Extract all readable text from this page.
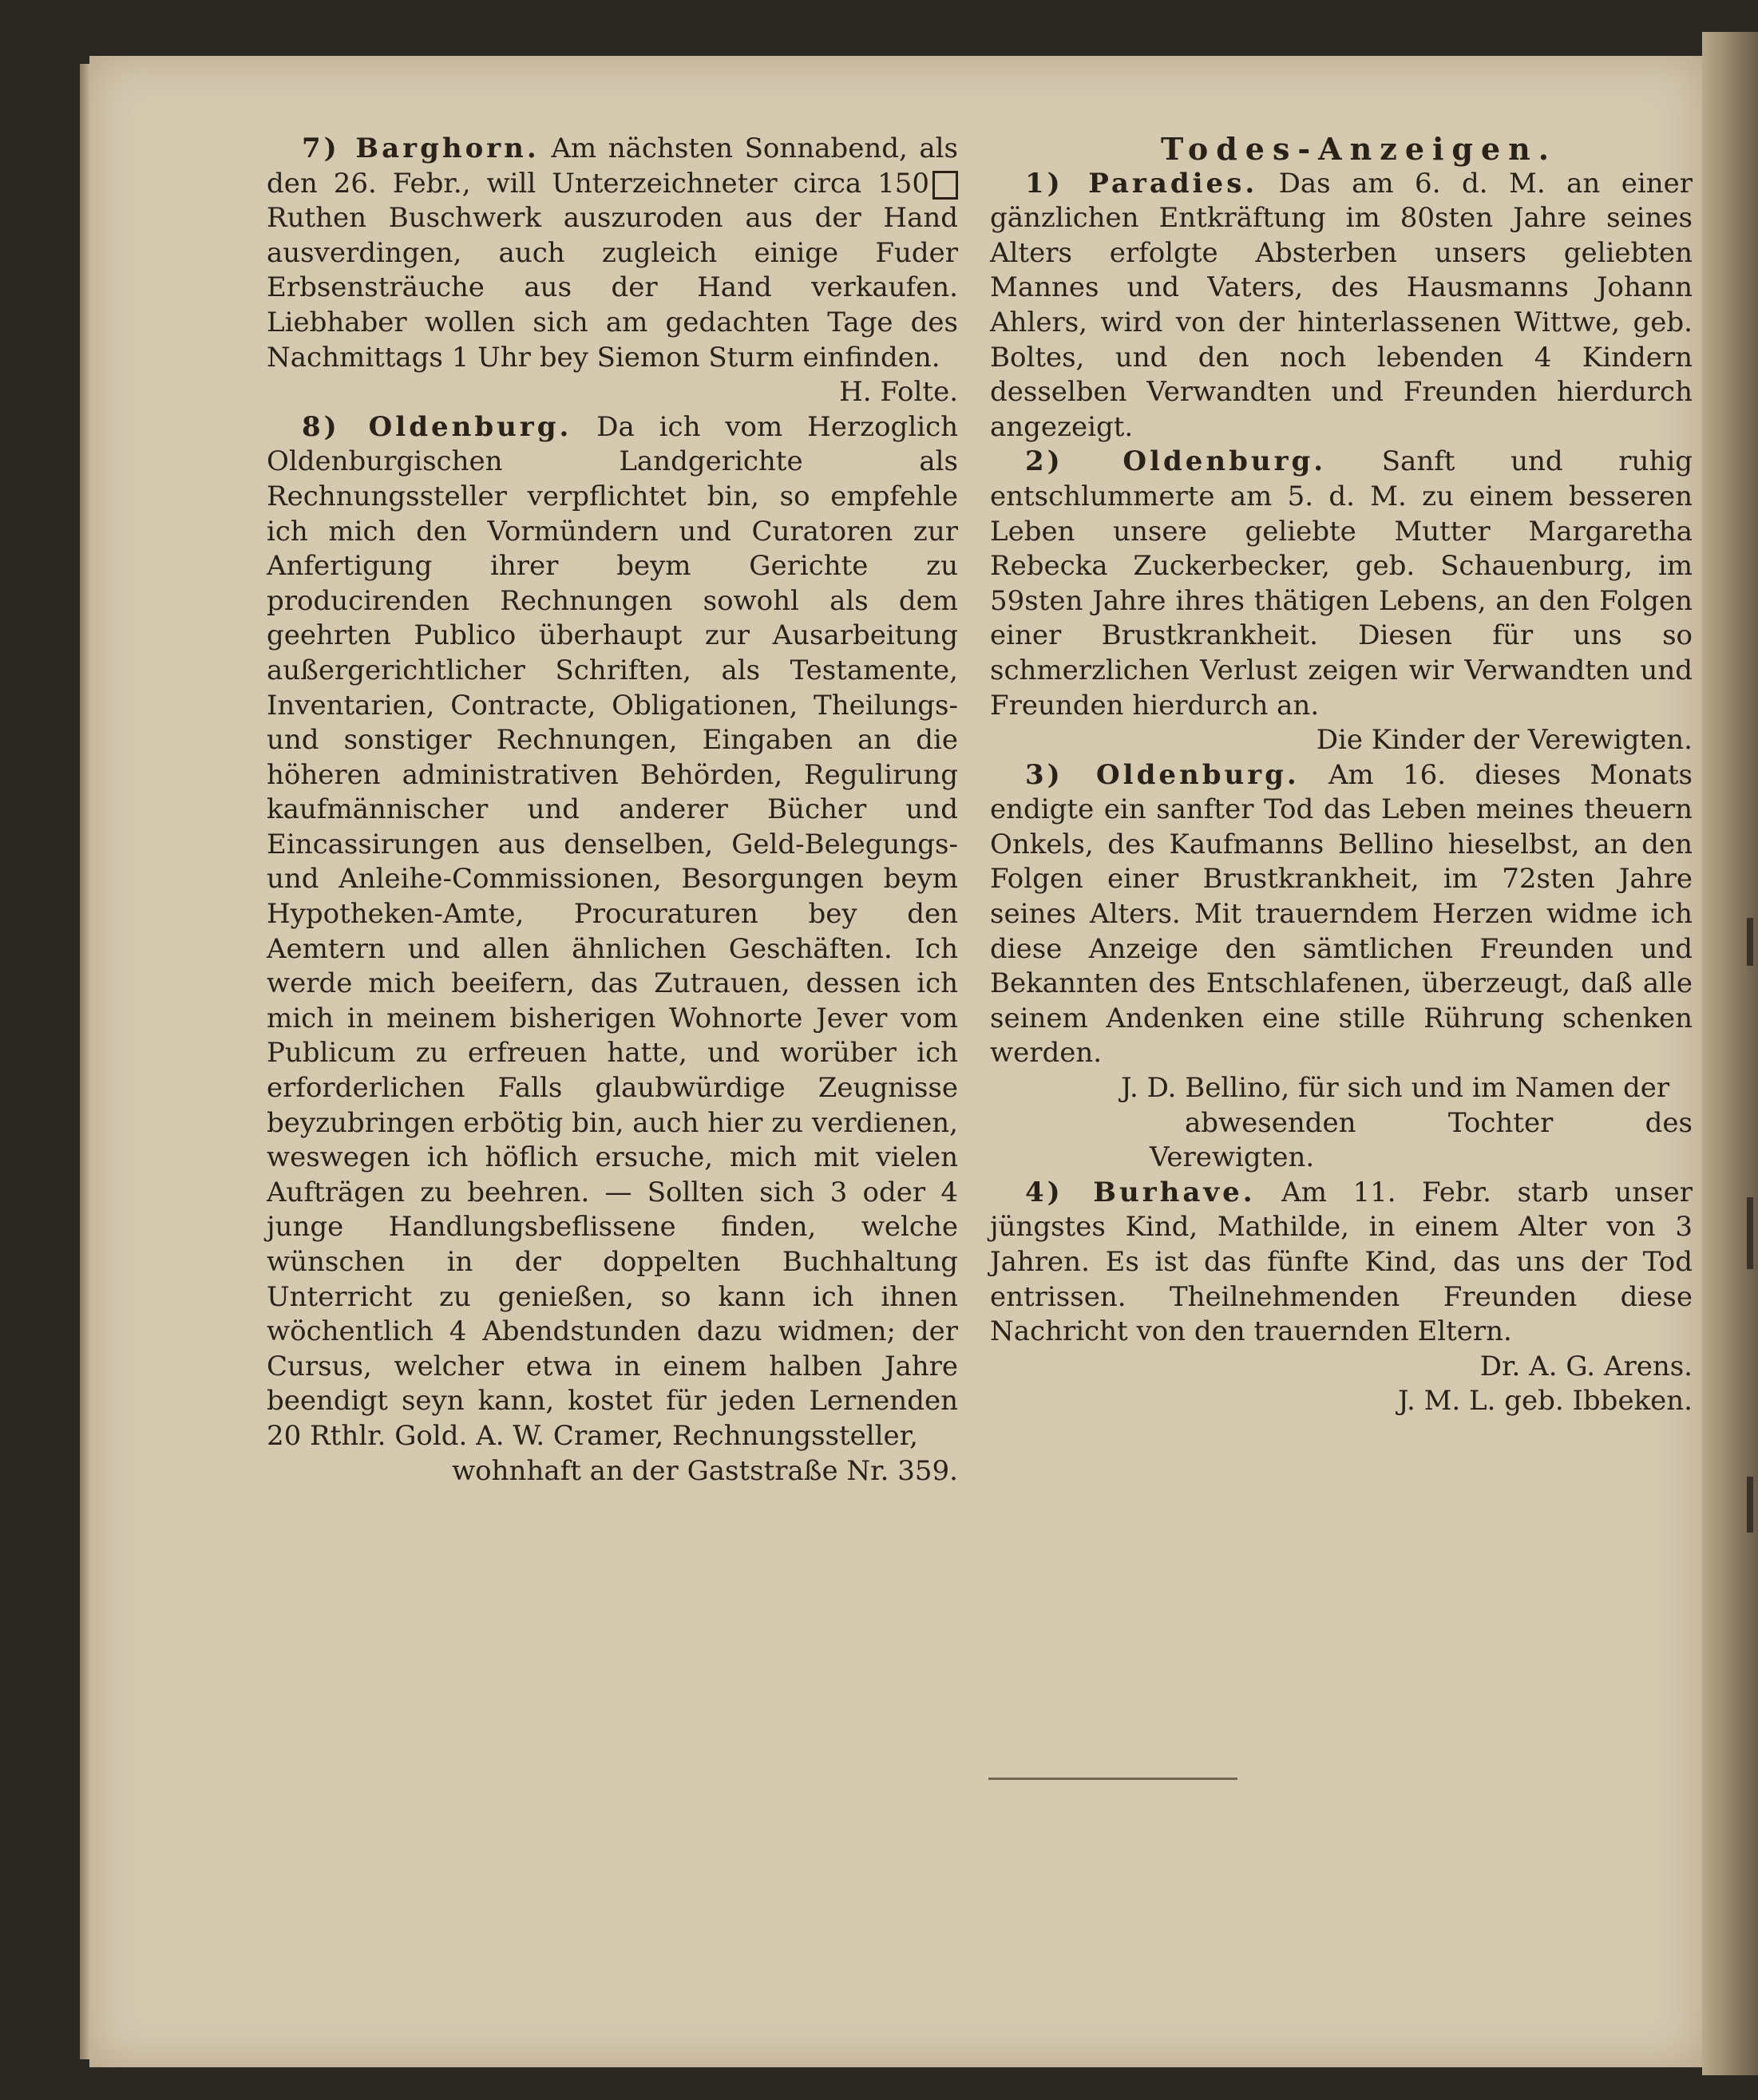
7) Barghorn. Am nächsten Sonnabend, als den 26. Febr., will Unterzeichneter circa 150 Ruthen Buschwerk auszuroden aus der Hand ausverdingen, auch zugleich einige Fuder Erbsensträuche aus der Hand verkaufen. Liebhaber wollen sich am gedachten Tage des Nachmittags 1 Uhr bey Siemon Sturm einfinden.
H. Folte.

8) Oldenburg. Da ich vom Herzoglich Oldenburgischen Landgerichte als Rechnungssteller verpflichtet bin, so empfehle ich mich den Vormündern und Curatoren zur Anfertigung ihrer beym Gerichte zu producirenden Rechnungen sowohl als dem geehrten Publico überhaupt zur Ausarbeitung außergerichtlicher Schriften, als Testamente, Inventarien, Contracte, Obligationen, Theilungs- und sonstiger Rechnungen, Eingaben an die höheren administrativen Behörden, Regulirung kaufmännischer und anderer Bücher und Eincassirungen aus denselben, Geld-Belegungs- und Anleihe-Commissionen, Besorgungen beym Hypotheken-Amte, Procuraturen bey den Aemtern und allen ähnlichen Geschäften. Ich werde mich beeifern, das Zutrauen, dessen ich mich in meinem bisherigen Wohnorte Jever vom Publicum zu erfreuen hatte, und worüber ich erforderlichen Falls glaubwürdige Zeugnisse beyzubringen erbötig bin, auch hier zu verdienen, weswegen ich höflich ersuche, mich mit vielen Aufträgen zu beehren. — Sollten sich 3 oder 4 junge Handlungsbeflissene finden, welche wünschen in der doppelten Buchhaltung Unterricht zu genießen, so kann ich ihnen wöchentlich 4 Abendstunden dazu widmen; der Cursus, welcher etwa in einem halben Jahre beendigt seyn kann, kostet für jeden Lernenden 20 Rthlr. Gold. A. W. Cramer, Rechnungssteller,

wohnhaft an der Gaststraße Nr. 359.

Todes-Anzeigen.

1) Paradies. Das am 6. d. M. an einer gänzlichen Entkräftung im 80sten Jahre seines Alters erfolgte Absterben unsers geliebten Mannes und Vaters, des Hausmanns Johann Ahlers, wird von der hinterlassenen Wittwe, geb. Boltes, und den noch lebenden 4 Kindern desselben Verwandten und Freunden hierdurch angezeigt.

2) Oldenburg. Sanft und ruhig entschlummerte am 5. d. M. zu einem besseren Leben unsere geliebte Mutter Margaretha Rebecka Zuckerbecker, geb. Schauenburg, im 59sten Jahre ihres thätigen Lebens, an den Folgen einer Brustkrankheit. Diesen für uns so schmerzlichen Verlust zeigen wir Verwandten und Freunden hierdurch an.

Die Kinder der Verewigten.

3) Oldenburg. Am 16. dieses Monats endigte ein sanfter Tod das Leben meines theuern Onkels, des Kaufmanns Bellino hieselbst, an den Folgen einer Brustkrankheit, im 72sten Jahre seines Alters. Mit trauerndem Herzen widme ich diese Anzeige den sämtlichen Freunden und Bekannten des Entschlafenen, überzeugt, daß alle seinem Andenken eine stille Rührung schenken werden.

J. D. Bellino, für sich und im Namen der

abwesenden Tochter des Verewigten.

4) Burhave. Am 11. Febr. starb unser jüngstes Kind, Mathilde, in einem Alter von 3 Jahren. Es ist das fünfte Kind, das uns der Tod entrissen. Theilnehmenden Freunden diese Nachricht von den trauernden Eltern.
Dr. A. G. Arens.

J. M. L. geb. Ibbeken.
